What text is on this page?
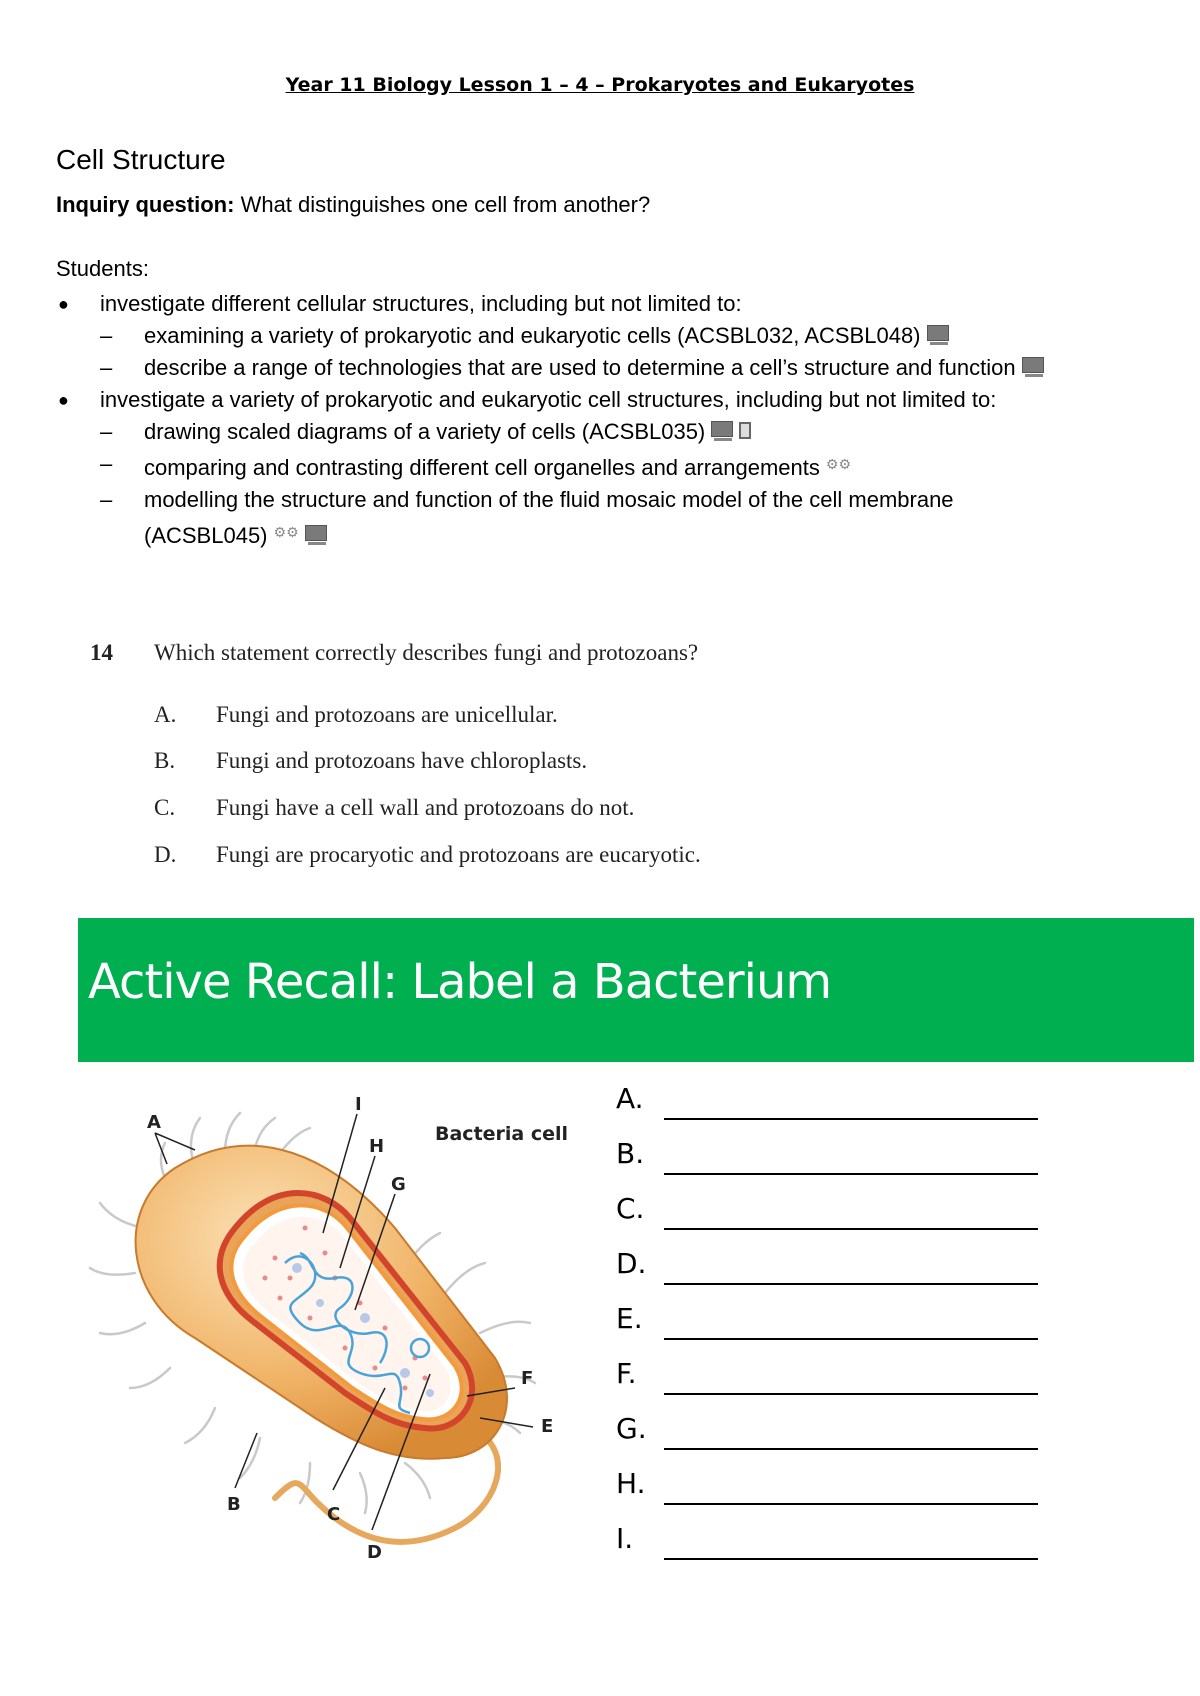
Year 11 Biology Lesson 1 – 4 – Prokaryotes and Eukaryotes
Cell Structure
Inquiry question: What distinguishes one cell from another?
Students:
● investigate different cellular structures, including but not limited to:
– examining a variety of prokaryotic and eukaryotic cells (ACSBL032, ACSBL048)
– describe a range of technologies that are used to determine a cell’s structure and function
● investigate a variety of prokaryotic and eukaryotic cell structures, including but not limited to:
– drawing scaled diagrams of a variety of cells (ACSBL035)
– comparing and contrasting different cell organelles and arrangements ⚙⚙
– modelling the structure and function of the fluid mosaic model of the cell membrane
(ACSBL045) ⚙⚙
14 Which statement correctly describes fungi and protozoans?
A. Fungi and protozoans are unicellular.
B. Fungi and protozoans have chloroplasts.
C. Fungi have a cell wall and protozoans do not.
D. Fungi are procaryotic and protozoans are eucaryotic.
Active Recall: Label a Bacterium
Bacteria cell
A
B	C
D
E
F
G
H
I	A.
B.
C.
D.
E.
F.
G.
H.
I.
